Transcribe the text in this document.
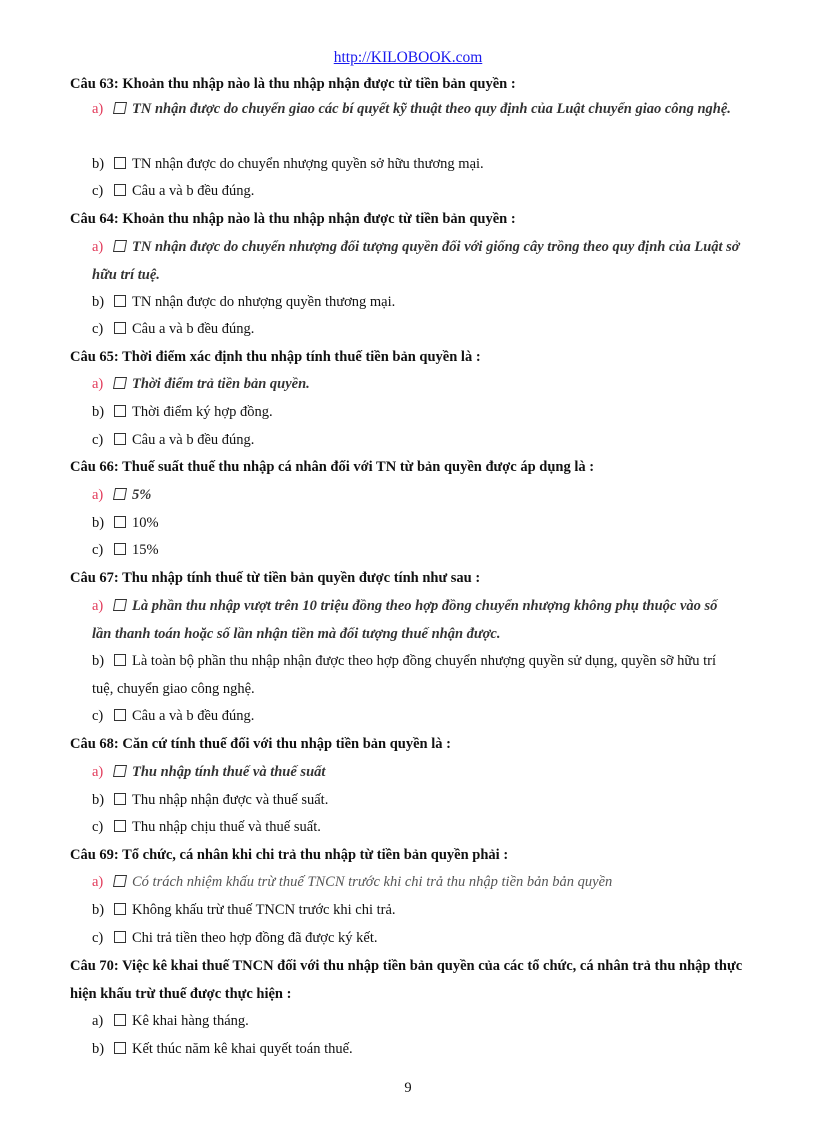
http://KILOBOOK.com

Câu 63: Khoản thu nhập nào là thu nhập nhận được từ tiền bản quyền :

a) TN nhận được do chuyển giao các bí quyết kỹ thuật theo quy định của Luật chuyển giao công nghệ.

b) TN nhận được do chuyển nhượng quyền sở hữu thương mại.

c) Câu a và b đều đúng.

Câu 64: Khoản thu nhập nào là thu nhập nhận được từ tiền bản quyền :

a) TN nhận được do chuyển nhượng đối tượng quyền đối với giống cây trồng theo quy định của Luật sở hữu trí tuệ.

b) TN nhận được do nhượng quyền thương mại.

c) Câu a và b đều đúng.

Câu 65: Thời điểm xác định thu nhập tính thuế tiền bản quyền là :

a) Thời điểm trả tiền bản quyền.

b) Thời điểm ký hợp đồng.

c) Câu a và b đều đúng.

Câu 66: Thuế suất thuế thu nhập cá nhân đối với TN từ bản quyền được áp dụng là :

a) 5%

b) 10%

c) 15%

Câu 67: Thu nhập tính thuế từ tiền bản quyền được tính như sau :

a) Là phần thu nhập vượt trên 10 triệu đồng theo hợp đồng chuyển nhượng không phụ thuộc vào số lần thanh toán hoặc số lần nhận tiền mà đối tượng thuế nhận được.

b) Là toàn bộ phần thu nhập nhận được theo hợp đồng chuyển nhượng quyền sử dụng, quyền sỡ hữu trí tuệ, chuyển giao công nghệ.

c) Câu a và b đều đúng.

Câu 68: Căn cứ tính thuế đối với thu nhập tiền bản quyền là :

a) Thu nhập tính thuế và thuế suất

b) Thu nhập nhận được và thuế suất.

c) Thu nhập chịu thuế và thuế suất.

Câu 69: Tổ chức, cá nhân khi chi trả thu nhập từ tiền bản quyền phải :

a) Có trách nhiệm khấu trừ thuế TNCN trước khi chi trả thu nhập tiền bản bản quyền

b) Không khấu trừ thuế TNCN trước khi chi trả.

c) Chi trả tiền theo hợp đồng đã được ký kết.

Câu 70: Việc kê khai thuế TNCN đối với thu nhập tiền bản quyền của các tổ chức, cá nhân trả thu nhập thực hiện khấu trừ thuế được thực hiện :

a) Kê khai hàng tháng.

b) Kết thúc năm kê khai quyết toán thuế.

9
